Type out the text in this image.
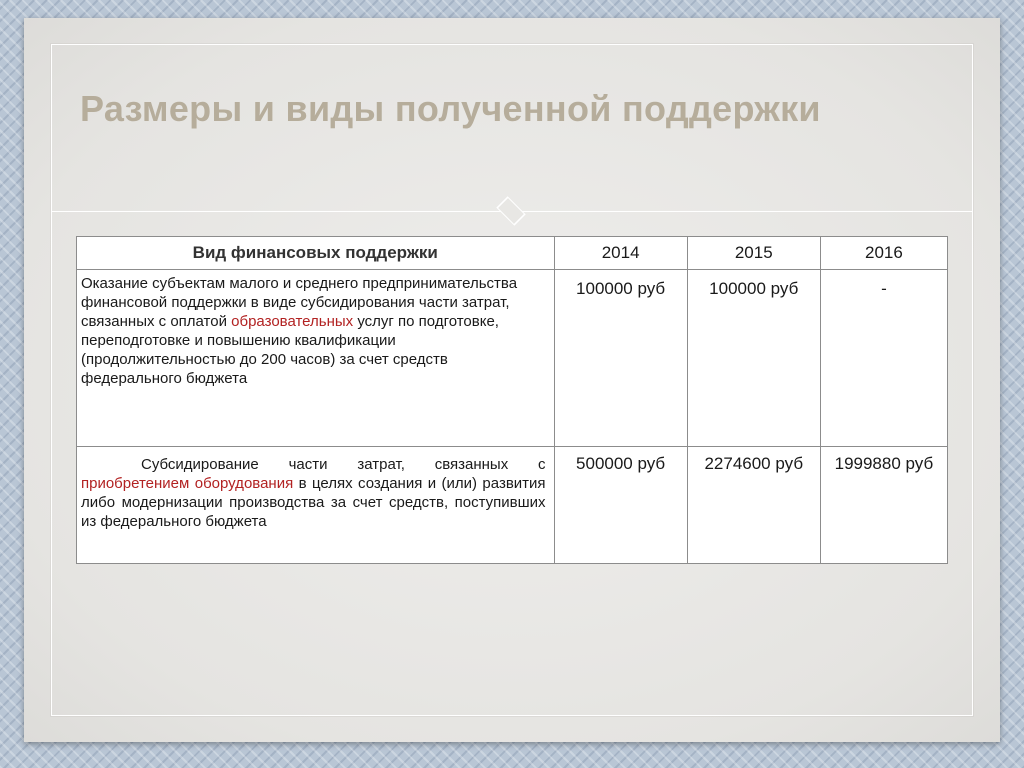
Размеры и виды полученной поддержки
Вид финансовых поддержки	2014	2015	2016
Оказание субъектам малого и среднего предпринимательства финансовой поддержки в виде субсидирования части затрат, связанных с оплатой образовательных услуг по подготовке, переподготовке и повышению квалификации (продолжительностью до 200 часов) за счет средств федерального бюджета	100000 руб	100000 руб	-
Субсидирование части затрат, связанных с приобретением оборудования в целях создания и (или) развития либо модернизации производства за счет средств, поступивших из федерального бюджета	500000 руб	2274600 руб	1999880 руб
